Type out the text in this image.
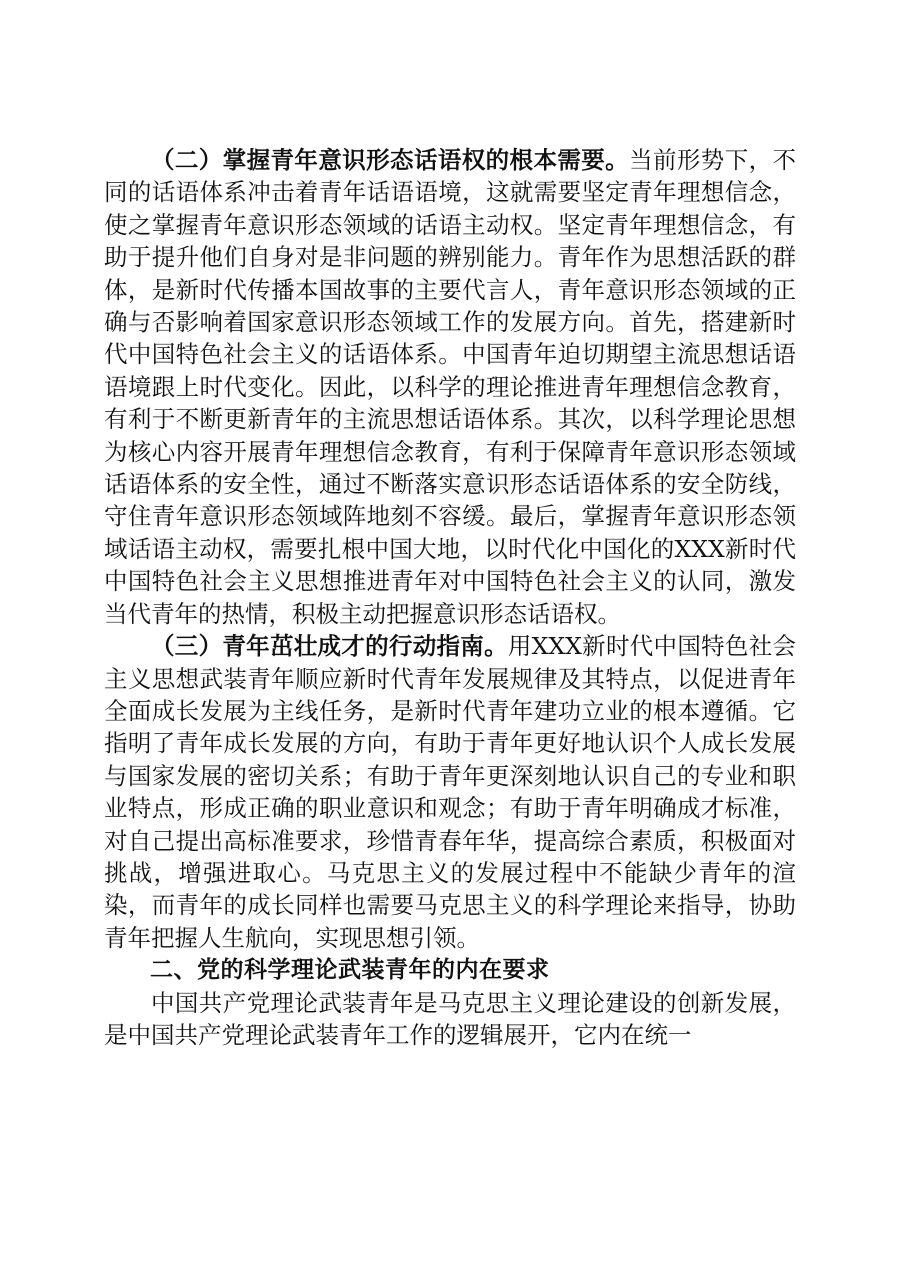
（二）掌握青年意识形态话语权的根本需要。当前形势下，不同的话语体系冲击着青年话语语境，这就需要坚定青年理想信念，使之掌握青年意识形态领域的话语主动权。坚定青年理想信念，有助于提升他们自身对是非问题的辨别能力。青年作为思想活跃的群体，是新时代传播本国故事的主要代言人，青年意识形态领域的正确与否影响着国家意识形态领域工作的发展方向。首先，搭建新时代中国特色社会主义的话语体系。中国青年迫切期望主流思想话语语境跟上时代变化。因此，以科学的理论推进青年理想信念教育，有利于不断更新青年的主流思想话语体系。其次，以科学理论思想为核心内容开展青年理想信念教育，有利于保障青年意识形态领域话语体系的安全性，通过不断落实意识形态话语体系的安全防线，守住青年意识形态领域阵地刻不容缓。最后，掌握青年意识形态领域话语主动权，需要扎根中国大地，以时代化中国化的XXX新时代中国特色社会主义思想推进青年对中国特色社会主义的认同，激发当代青年的热情，积极主动把握意识形态话语权。

（三）青年茁壮成才的行动指南。用XXX新时代中国特色社会主义思想武装青年顺应新时代青年发展规律及其特点，以促进青年全面成长发展为主线任务，是新时代青年建功立业的根本遵循。它指明了青年成长发展的方向，有助于青年更好地认识个人成长发展与国家发展的密切关系；有助于青年更深刻地认识自己的专业和职业特点，形成正确的职业意识和观念；有助于青年明确成才标准，对自己提出高标准要求，珍惜青春年华，提高综合素质，积极面对挑战，增强进取心。马克思主义的发展过程中不能缺少青年的渲染，而青年的成长同样也需要马克思主义的科学理论来指导，协助青年把握人生航向，实现思想引领。

二、党的科学理论武装青年的内在要求

中国共产党理论武装青年是马克思主义理论建设的创新发展，是中国共产党理论武装青年工作的逻辑展开，它内在统一
